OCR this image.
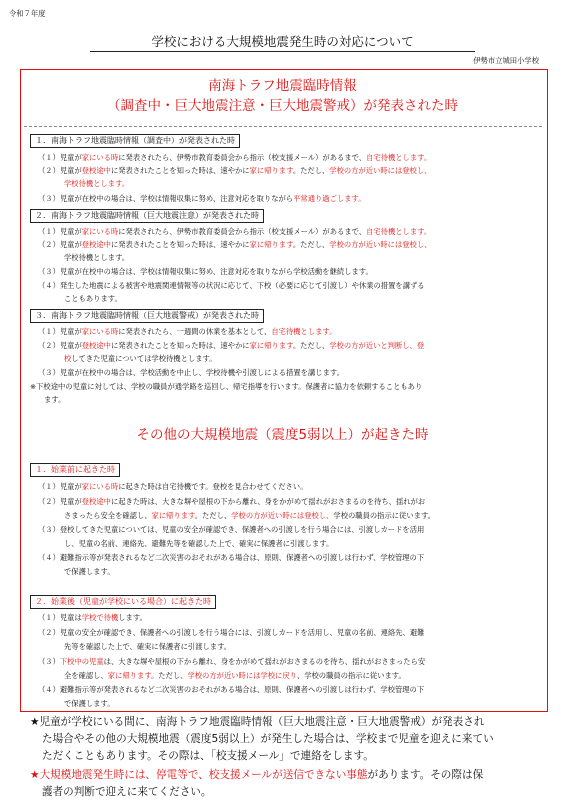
令和７年度
学校における大規模地震発生時の対応について
伊勢市立城田小学校
南海トラフ地震臨時情報
（調査中・巨大地震注意・巨大地震警戒）が発表された時
１．南海トラフ地震臨時情報（調査中）が発表された時
（１）児童が家にいる時に発表されたら、伊勢市教育委員会から指示（校支援メール）があるまで、自宅待機とします。
（２）児童が登校途中に発表されたことを知った時は、速やかに家に帰ります。ただし、学校の方が近い時には登校し、
学校待機とします。
（３）児童が在校中の場合は、学校は情報収集に努め、注意対応を取りながら平常通り過ごします。
２．南海トラフ地震臨時情報（巨大地震注意）が発表された時
（１）児童が家にいる時に発表されたら、伊勢市教育委員会から指示（校支援メール）があるまで、自宅待機とします。
（２）児童が登校途中に発表されたことを知った時は、速やかに家に帰ります。ただし、学校の方が近い時には登校し、
学校待機とします。
（３）児童が在校中の場合は、学校は情報収集に努め、注意対応を取りながら学校活動を継続します。
（４）発生した地震による被害や地震関連情報等の状況に応じて、下校（必要に応じて引渡し）や休業の措置を講ずる
こともあります。
３．南海トラフ地震臨時情報（巨大地震警戒）が発表された時
（１）児童が家にいる時に発表されたら、一週間の休業を基本として、自宅待機とします。
（２）児童が登校途中に発表されたことを知った時は、速やかに家に帰ります。ただし、学校の方が近いと判断し、登
校してきた児童については学校待機とします。
（３）児童が在校中の場合は、学校活動を中止し、学校待機や引渡しによる措置を講じます。
※下校途中の児童に対しては、学校の職員が通学路を巡回し、帰宅指導を行います。保護者に協力を依頼することもあり
ます。
その他の大規模地震（震度5弱以上）が起きた時
１．始業前に起きた時
（１）児童が家にいる時に起きた時は自宅待機です。登校を見合わせてください。
（２）児童が登校途中に起きた時は、大きな塀や屋根の下から離れ、身をかがめて揺れがおさまるのを待ち、揺れがお
さまったら安全を確認し、家に帰ります。ただし、学校の方が近い時には登校し、学校の職員の指示に従います。
（３）登校してきた児童については、児童の安全が確認でき、保護者への引渡しを行う場合には、引渡しカードを活用
し、児童の名前、連絡先、避難先等を確認した上で、確実に保護者に引渡します。
（４）避難指示等が発表されるなど二次災害のおそれがある場合は、原則、保護者への引渡しは行わず、学校管理の下
で保護します。
２．始業後（児童が学校にいる場合）に起きた時
（１）児童は学校で待機します。
（２）児童の安全が確認でき、保護者への引渡しを行う場合には、引渡しカードを活用し、児童の名前、連絡先、避難
先等を確認した上で、確実に保護者に引渡します。
（３）下校中の児童は、大きな塀や屋根の下から離れ、身をかがめて揺れがおさまるのを待ち、揺れがおさまったら安
全を確認し、家に帰ります。ただし、学校の方が近い時には学校に戻り、学校の職員の指示に従います。
（４）避難指示等が発表されるなど二次災害のおそれがある場合は、原則、保護者への引渡しは行わず、学校管理の下
で保護します。
★児童が学校にいる間に、南海トラフ地震臨時情報（巨大地震注意・巨大地震警戒）が発表され
た場合やその他の大規模地震（震度5弱以上）が発生した場合は、学校まで児童を迎えに来てい
ただくこともあります。その際は、「校支援メール」で連絡をします。
★大規模地震発生時には、停電等で、校支援メールが送信できない事態があります。その際は保
護者の判断で迎えに来てください。
